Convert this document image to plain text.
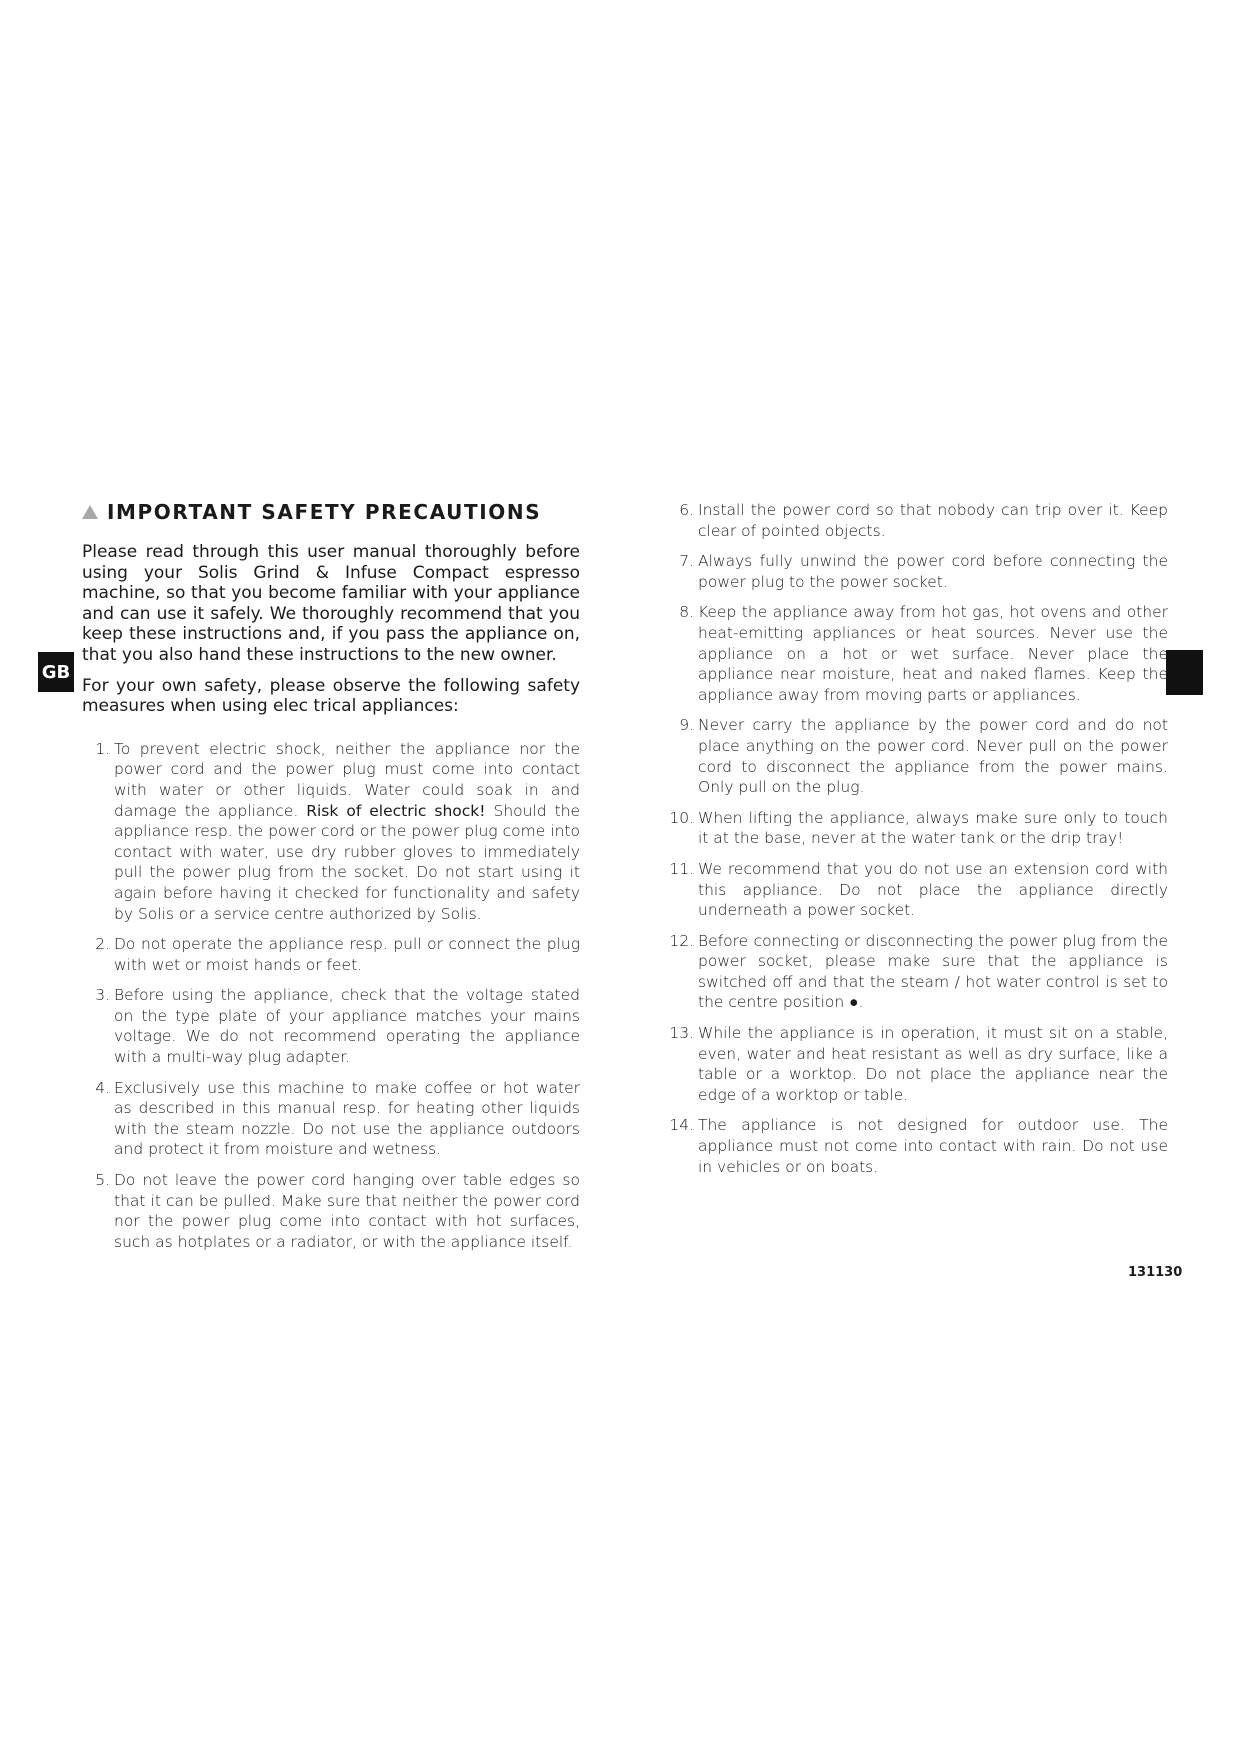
GB
IMPORTANT SAFETY PRECAUTIONS

Please read through this user manual thoroughly before using your Solis Grind & Infuse Compact espresso machine, so that you become familiar with your appliance and can use it safely. We thoroughly recommend that you keep these instructions and, if you pass the appliance on, that you also hand these instructions to the new owner.

For your own safety, please observe the following safety measures when using elec trical appliances:

1. To prevent electric shock, neither the appliance nor the power cord and the power plug must come into contact with water or other liquids. Water could soak in and damage the appliance. Risk of electric shock! Should the appliance resp. the power cord or the power plug come into contact with water, use dry rubber gloves to immediately pull the power plug from the socket. Do not start using it again before having it checked for functionality and safety by Solis or a service centre authorized by Solis.
2. Do not operate the appliance resp. pull or connect the plug with wet or moist hands or feet.
3. Before using the appliance, check that the voltage stated on the type plate of your appliance matches your mains voltage. We do not recommend operating the appliance with a multi-way plug adapter.
4. Exclusively use this machine to make coffee or hot water as described in this manual resp. for heating other liquids with the steam nozzle. Do not use the appliance outdoors and protect it from moisture and wetness.
5. Do not leave the power cord hanging over table edges so that it can be pulled. Make sure that neither the power cord nor the power plug come into contact with hot surfaces, such as hotplates or a radiator, or with the appliance itself.
6. Install the power cord so that nobody can trip over it. Keep clear of pointed objects.
7. Always fully unwind the power cord before connecting the power plug to the power socket.
8. Keep the appliance away from hot gas, hot ovens and other heat-emitting appliances or heat sources. Never use the appliance on a hot or wet surface. Never place the appliance near moisture, heat and naked flames. Keep the appliance away from moving parts or appliances.
9. Never carry the appliance by the power cord and do not place anything on the power cord. Never pull on the power cord to disconnect the appliance from the power mains. Only pull on the plug.
10. When lifting the appliance, always make sure only to touch it at the base, never at the water tank or the drip tray!
11. We recommend that you do not use an extension cord with this appliance. Do not place the appliance directly underneath a power socket.
12. Before connecting or disconnecting the power plug from the power socket, please make sure that the appliance is switched off and that the steam / hot water control is set to the centre position ●.
13. While the appliance is in operation, it must sit on a stable, even, water and heat resistant as well as dry surface, like a table or a worktop. Do not place the appliance near the edge of a worktop or table.
14. The appliance is not designed for outdoor use. The appliance must not come into contact with rain. Do not use in vehicles or on boats.
131130
